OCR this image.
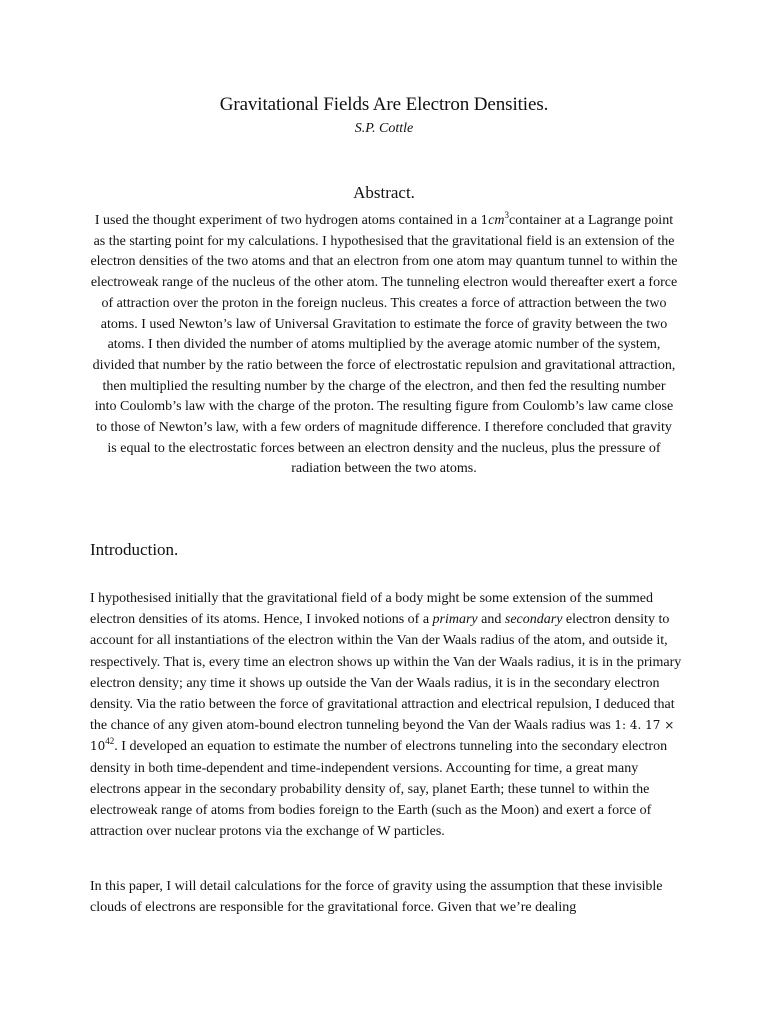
Gravitational Fields Are Electron Densities.
S.P. Cottle
Abstract.

I used the thought experiment of two hydrogen atoms contained in a $1cm^3container$ at a Lagrange point as the starting point for my calculations. I hypothesised that the gravitational field is an extension of the electron densities of the two atoms and that an electron from one atom may quantum tunnel to within the electroweak range of the nucleus of the other atom. The tunneling electron would thereafter exert a force of attraction over the proton in the foreign nucleus. This creates a force of attraction between the two atoms. I used Newton’s law of Universal Gravitation to estimate the force of gravity between the two atoms. I then divided the number of atoms multiplied by the average atomic number of the system, divided that number by the ratio between the force of electrostatic repulsion and gravitational attraction, then multiplied the resulting number by the charge of the electron, and then fed the resulting number into Coulomb’s law with the charge of the proton. The resulting figure from Coulomb’s law came close to those of Newton’s law, with a few orders of magnitude difference. I therefore concluded that gravity is equal to the electrostatic forces between an electron density and the nucleus, plus the pressure of radiation between the two atoms.

Introduction.

I hypothesised initially that the gravitational field of a body might be some extension of the summed electron densities of its atoms. Hence, I invoked notions of a primary and secondary electron density to account for all instantiations of the electron within the Van der Waals radius of the atom, and outside it, respectively. That is, every time an electron shows up within the Van der Waals radius, it is in the primary electron density; any time it shows up outside the Van der Waals radius, it is in the secondary electron density. Via the ratio between the force of gravitational attraction and electrical repulsion, I deduced that the chance of any given atom-bound electron tunneling beyond the Van der Waals radius was 1: 4. $17 \times 10^{42}$. I developed an equation to estimate the number of electrons tunneling into the secondary electron density in both time-dependent and time-independent versions. Accounting for time, a great many electrons appear in the secondary probability density of, say, planet Earth; these tunnel to within the electroweak range of atoms from bodies foreign to the Earth (such as the Moon) and exert a force of attraction over nuclear protons via the exchange of W particles.

In this paper, I will detail calculations for the force of gravity using the assumption that these invisible clouds of electrons are responsible for the gravitational force. Given that we’re dealing
